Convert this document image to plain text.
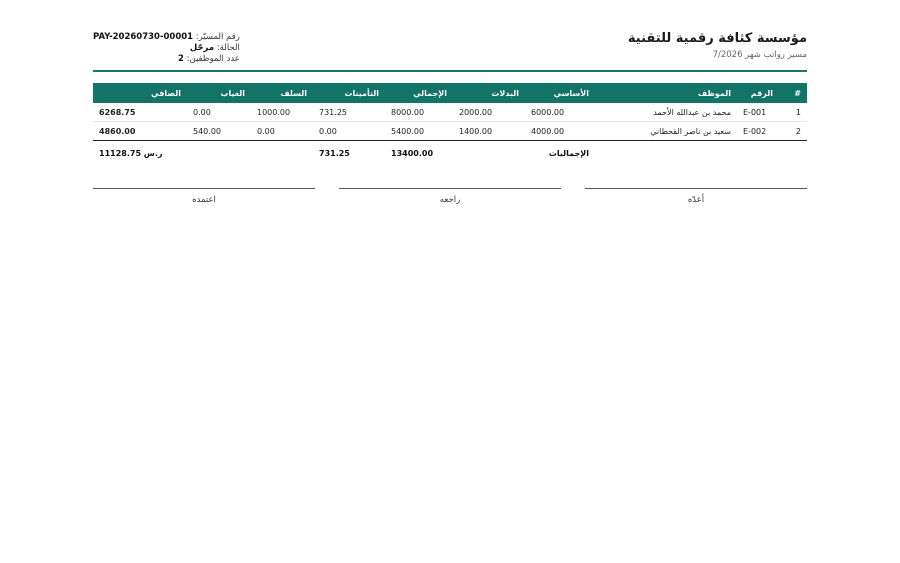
مؤسسة كثافة رقمية للتقنية
مسير رواتب شهر 7/2026
رقم المسيّر: PAY-20260730-00001
الحالة: مرحّل
عدد الموظفين: 2
#	الرقم	الموظف	الأساسي	البدلات	الإجمالي	التأمينات	السلف	الغياب	الصافي
1	E-001	محمد بن عبدالله الأحمد	6000.00	2000.00	8000.00	731.25	1000.00	0.00	6268.75
2	E-002	سعيد بن ناصر القحطاني	4000.00	1400.00	5400.00	0.00	0.00	540.00	4860.00
			الإجماليات		13400.00	731.25			11128.75 ر.س
أعدّه
راجعه
اعتمده
